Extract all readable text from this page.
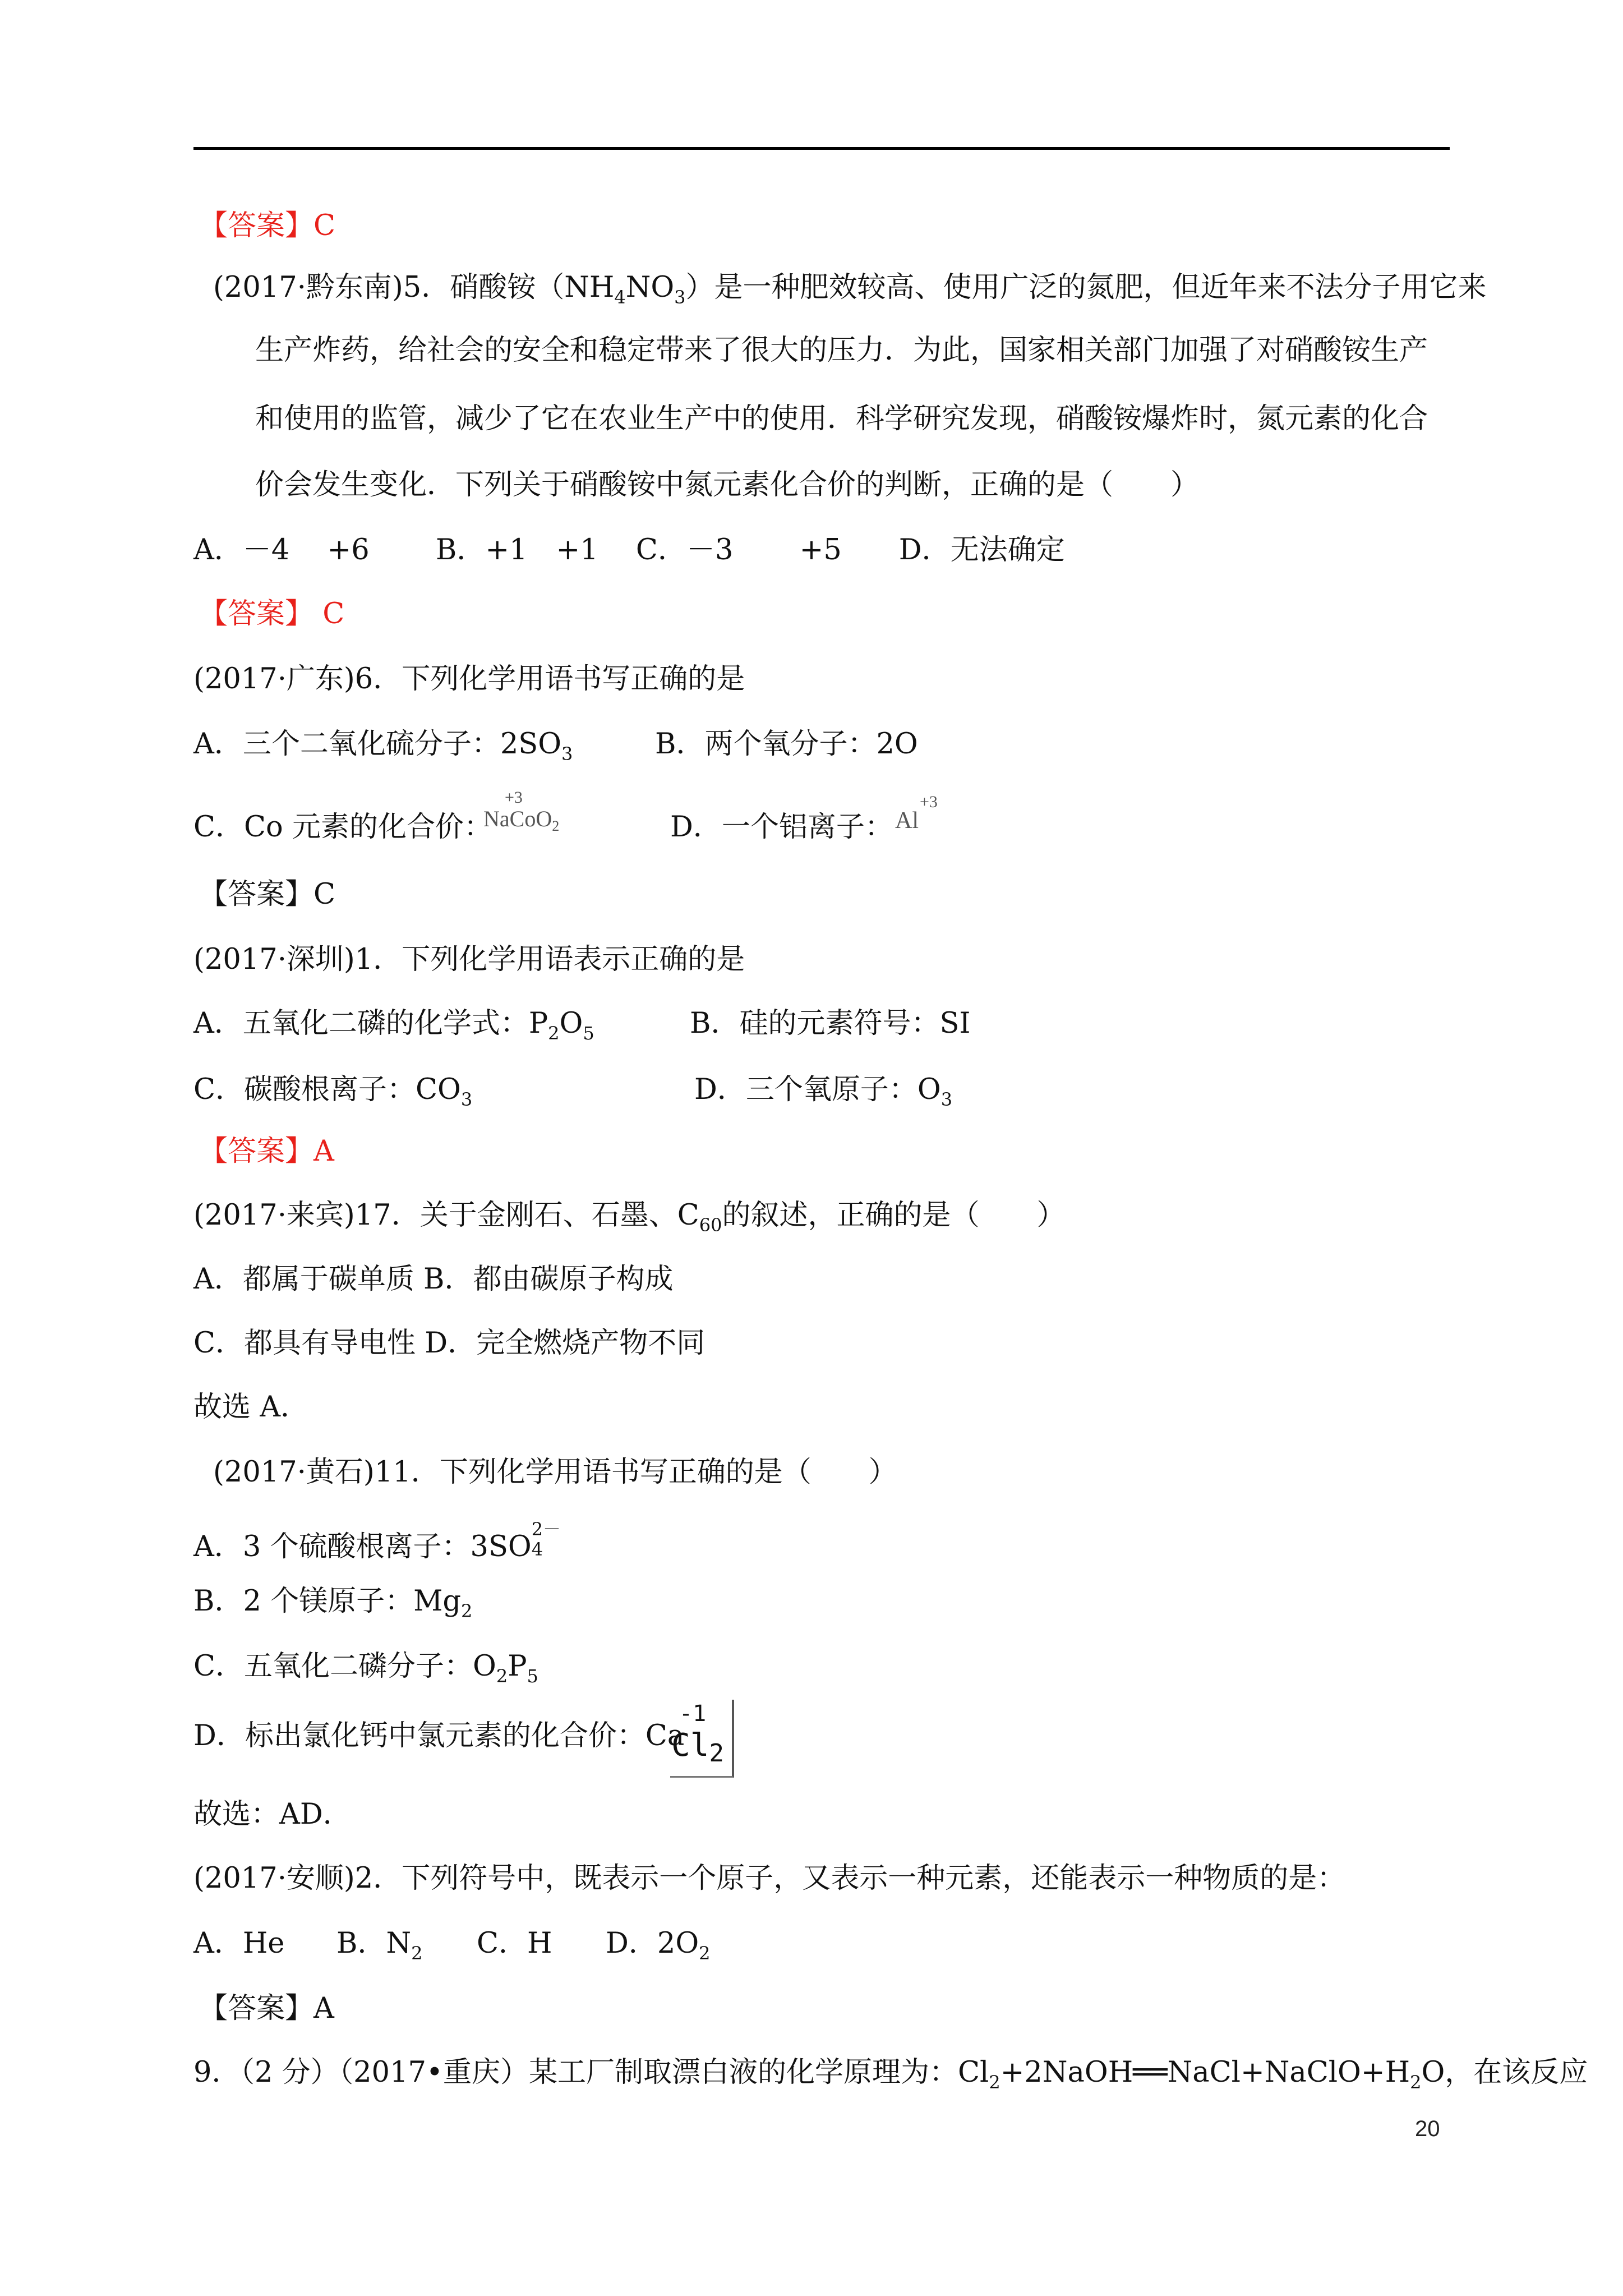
【答案】C

(2017·黔东南)5．硝酸铵$(NH_4NO_3)$是一种肥效较高、使用广泛的氮肥，但近年来不法分子用它来

生产炸药，给社会的安全和稳定带来了很大的压力．为此，国家相关部门加强了对硝酸铵生产

和使用的监管，减少了它在农业生产中的使用．科学研究发现，硝酸铵爆炸时，氮元素的化合

价会发生变化．下列关于硝酸铵中氮元素化合价的判断，正确的是（　　）

A．－4　 +6　　 B．+1　+1　 C．－3　　 +5　　D．无法确定

【答案】 C

(2017·广东)6．下列化学用语书写正确的是

A．三个二氧化硫分子：$2SO_3$	B．两个氧分子：2O

C．Co 元素的化合价：

+3
NaCoO$_2$	D．一个铝离子： Al
+3

【答案】C

(2017·深圳)1．下列化学用语表示正确的是

A．五氧化二磷的化学式：$P_2O_5$	B．硅的元素符号：SI

C．碳酸根离子：$CO_3$	D．三个氧原子：$O_3$

【答案】A

(2017·来宾)17．关于金刚石、石墨、$C_{60}$的叙述，正确的是（　　）

A．都属于碳单质 B．都由碳原子构成

C．都具有导电性 D．完全燃烧产物不同

故选 A．

(2017·黄石)11．下列化学用语书写正确的是（　　）

A．3 个硫酸根离子：3SO
2－
4

B．2 个镁原子：$Mg_2$

C．五氧化二磷分子：$O_2P_5$

D．标出氯化钙中氯元素的化合价：Ca

-1
$Cl_2$

故选：AD．

(2017·安顺)2．下列符号中，既表示一个原子，又表示一种元素，还能表示一种物质的是：

A．He B．$N_2$ C．H D．$2O_2$

【答案】A

9．（2 分）（2017•重庆）某工厂制取漂白液的化学原理为：$Cl_2+2NaOH══NaCl+NaClO+H_2O$，在该反应

20
